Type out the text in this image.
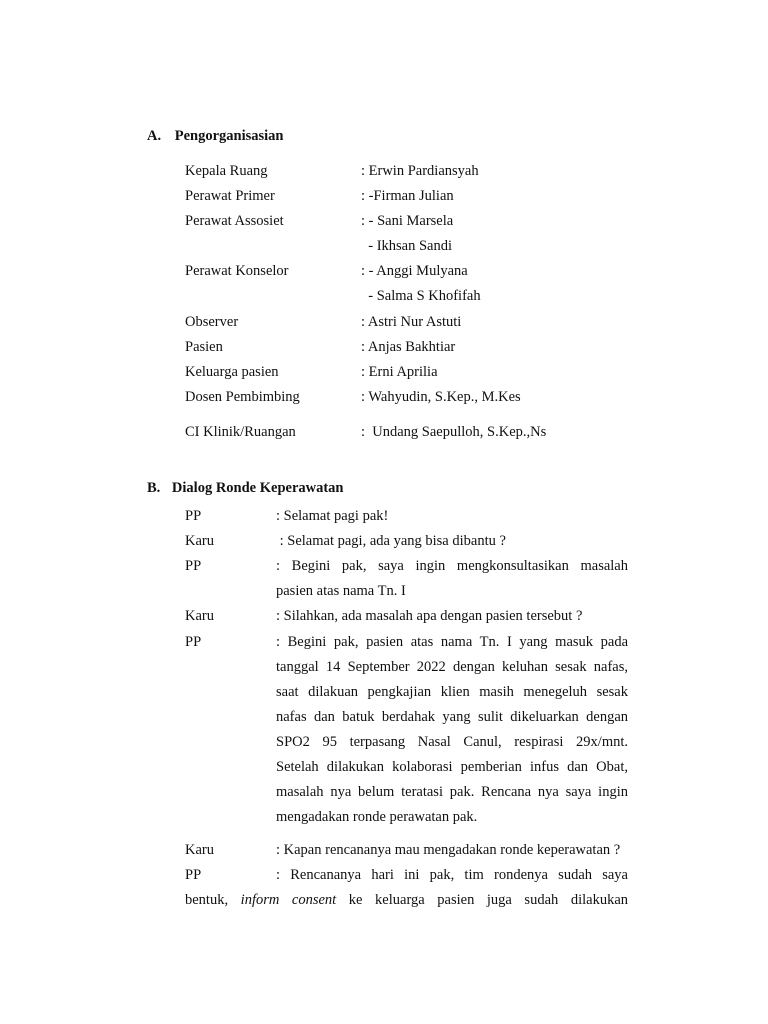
A. Pengorganisasian
Kepala Ruang	: Erwin Pardiansyah
Perawat Primer	: -Firman Julian
Perawat Assosiet	: - Sani Marsela
- Ikhsan Sandi
Perawat Konselor	: - Anggi Mulyana
- Salma S Khofifah
Observer	: Astri Nur Astuti
Pasien	: Anjas Bakhtiar
Keluarga pasien	: Erni Aprilia
Dosen Pembimbing	: Wahyudin, S.Kep., M.Kes
CI Klinik/Ruangan	:  Undang Saepulloh, S.Kep.,Ns
B. Dialog Ronde Keperawatan
PP	: Selamat pagi pak!
Karu	: Selamat pagi, ada yang bisa dibantu ?
PP	: Begini pak, saya ingin mengkonsultasikan masalah
pasien atas nama Tn. I
Karu	: Silahkan, ada masalah apa dengan pasien tersebut ?
PP	: Begini pak, pasien atas nama Tn. I yang masuk pada
tanggal 14 September 2022 dengan keluhan sesak nafas,
saat dilakuan pengkajian klien masih menegeluh sesak
nafas dan batuk berdahak yang sulit dikeluarkan dengan
SPO2 95 terpasang Nasal Canul, respirasi 29x/mnt.
Setelah dilakukan kolaborasi pemberian infus dan Obat,
masalah nya belum teratasi pak. Rencana nya saya ingin
mengadakan ronde perawatan pak.
Karu	: Kapan rencananya mau mengadakan ronde keperawatan ?
PP	: Rencananya hari ini pak, tim rondenya sudah saya
bentuk, inform consent ke keluarga pasien juga sudah dilakukan
